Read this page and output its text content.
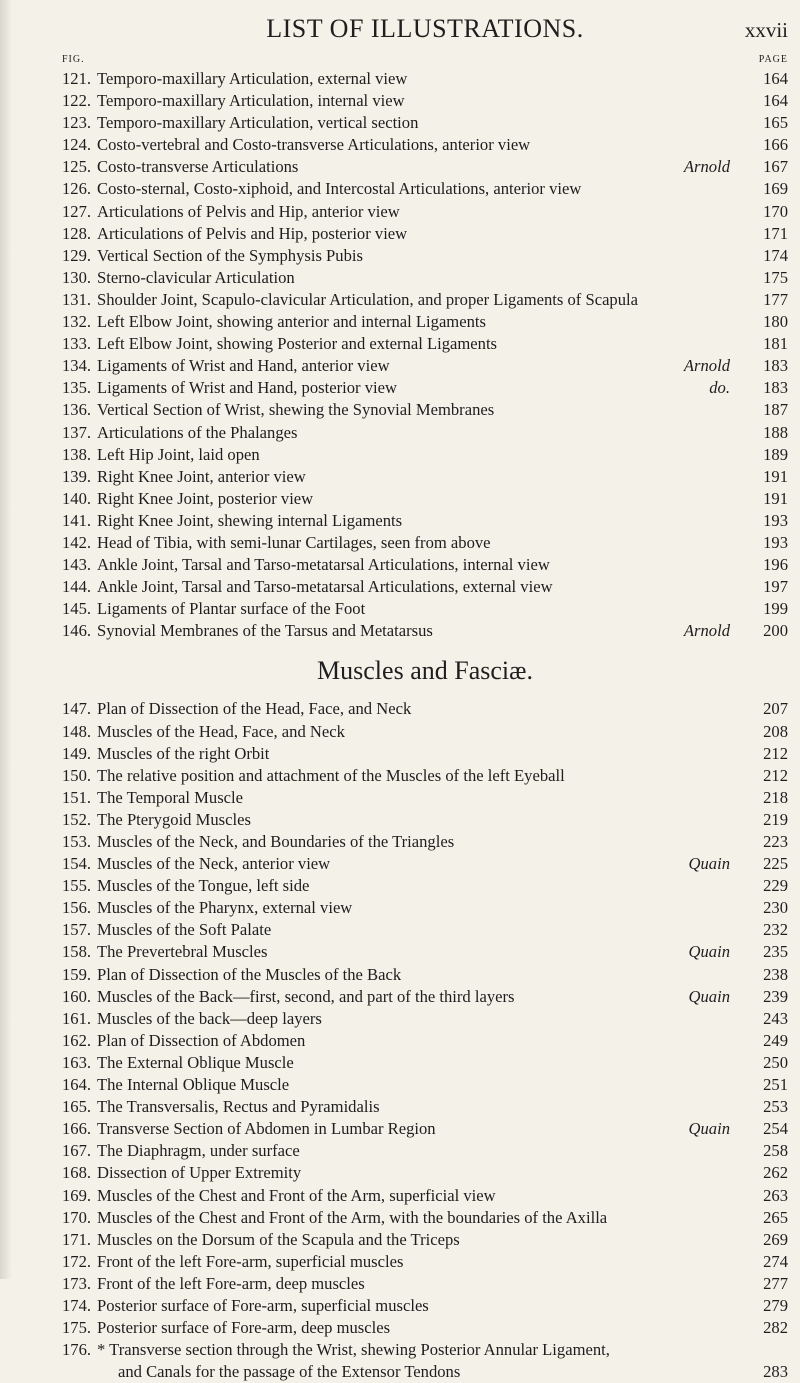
LIST OF ILLUSTRATIONS.	xxvii
FIG.	PAGE
121. Temporo-maxillary Articulation, external view	164
122. Temporo-maxillary Articulation, internal view	164
123. Temporo-maxillary Articulation, vertical section	165
124. Costo-vertebral and Costo-transverse Articulations, anterior view	166
125. Costo-transverse Articulations	Arnold	167
126. Costo-sternal, Costo-xiphoid, and Intercostal Articulations, anterior view	169
127. Articulations of Pelvis and Hip, anterior view	170
128. Articulations of Pelvis and Hip, posterior view	171
129. Vertical Section of the Symphysis Pubis	174
130. Sterno-clavicular Articulation	175
131. Shoulder Joint, Scapulo-clavicular Articulation, and proper Ligaments of Scapula	177
132. Left Elbow Joint, showing anterior and internal Ligaments	180
133. Left Elbow Joint, showing Posterior and external Ligaments	181
134. Ligaments of Wrist and Hand, anterior view	Arnold	183
135. Ligaments of Wrist and Hand, posterior view	do.	183
136. Vertical Section of Wrist, shewing the Synovial Membranes	187
137. Articulations of the Phalanges	188
138. Left Hip Joint, laid open	189
139. Right Knee Joint, anterior view	191
140. Right Knee Joint, posterior view	191
141. Right Knee Joint, shewing internal Ligaments	193
142. Head of Tibia, with semi-lunar Cartilages, seen from above	193
143. Ankle Joint, Tarsal and Tarso-metatarsal Articulations, internal view	196
144. Ankle Joint, Tarsal and Tarso-metatarsal Articulations, external view	197
145. Ligaments of Plantar surface of the Foot	199
146. Synovial Membranes of the Tarsus and Metatarsus	Arnold	200
Muscles and Fasciæ.
147. Plan of Dissection of the Head, Face, and Neck	207
148. Muscles of the Head, Face, and Neck	208
149. Muscles of the right Orbit	212
150. The relative position and attachment of the Muscles of the left Eyeball	212
151. The Temporal Muscle	218
152. The Pterygoid Muscles	219
153. Muscles of the Neck, and Boundaries of the Triangles	223
154. Muscles of the Neck, anterior view	Quain	225
155. Muscles of the Tongue, left side	229
156. Muscles of the Pharynx, external view	230
157. Muscles of the Soft Palate	232
158. The Prevertebral Muscles	Quain	235
159. Plan of Dissection of the Muscles of the Back	238
160. Muscles of the Back—first, second, and part of the third layers	Quain	239
161. Muscles of the back—deep layers	243
162. Plan of Dissection of Abdomen	249
163. The External Oblique Muscle	250
164. The Internal Oblique Muscle	251
165. The Transversalis, Rectus and Pyramidalis	253
166. Transverse Section of Abdomen in Lumbar Region	Quain	254
167. The Diaphragm, under surface	258
168. Dissection of Upper Extremity	262
169. Muscles of the Chest and Front of the Arm, superficial view	263
170. Muscles of the Chest and Front of the Arm, with the boundaries of the Axilla	265
171. Muscles on the Dorsum of the Scapula and the Triceps	269
172. Front of the left Fore-arm, superficial muscles	274
173. Front of the left Fore-arm, deep muscles	277
174. Posterior surface of Fore-arm, superficial muscles	279
175. Posterior surface of Fore-arm, deep muscles	282
176. * Transverse section through the Wrist, shewing Posterior Annular Ligament,
and Canals for the passage of the Extensor Tendons	283
